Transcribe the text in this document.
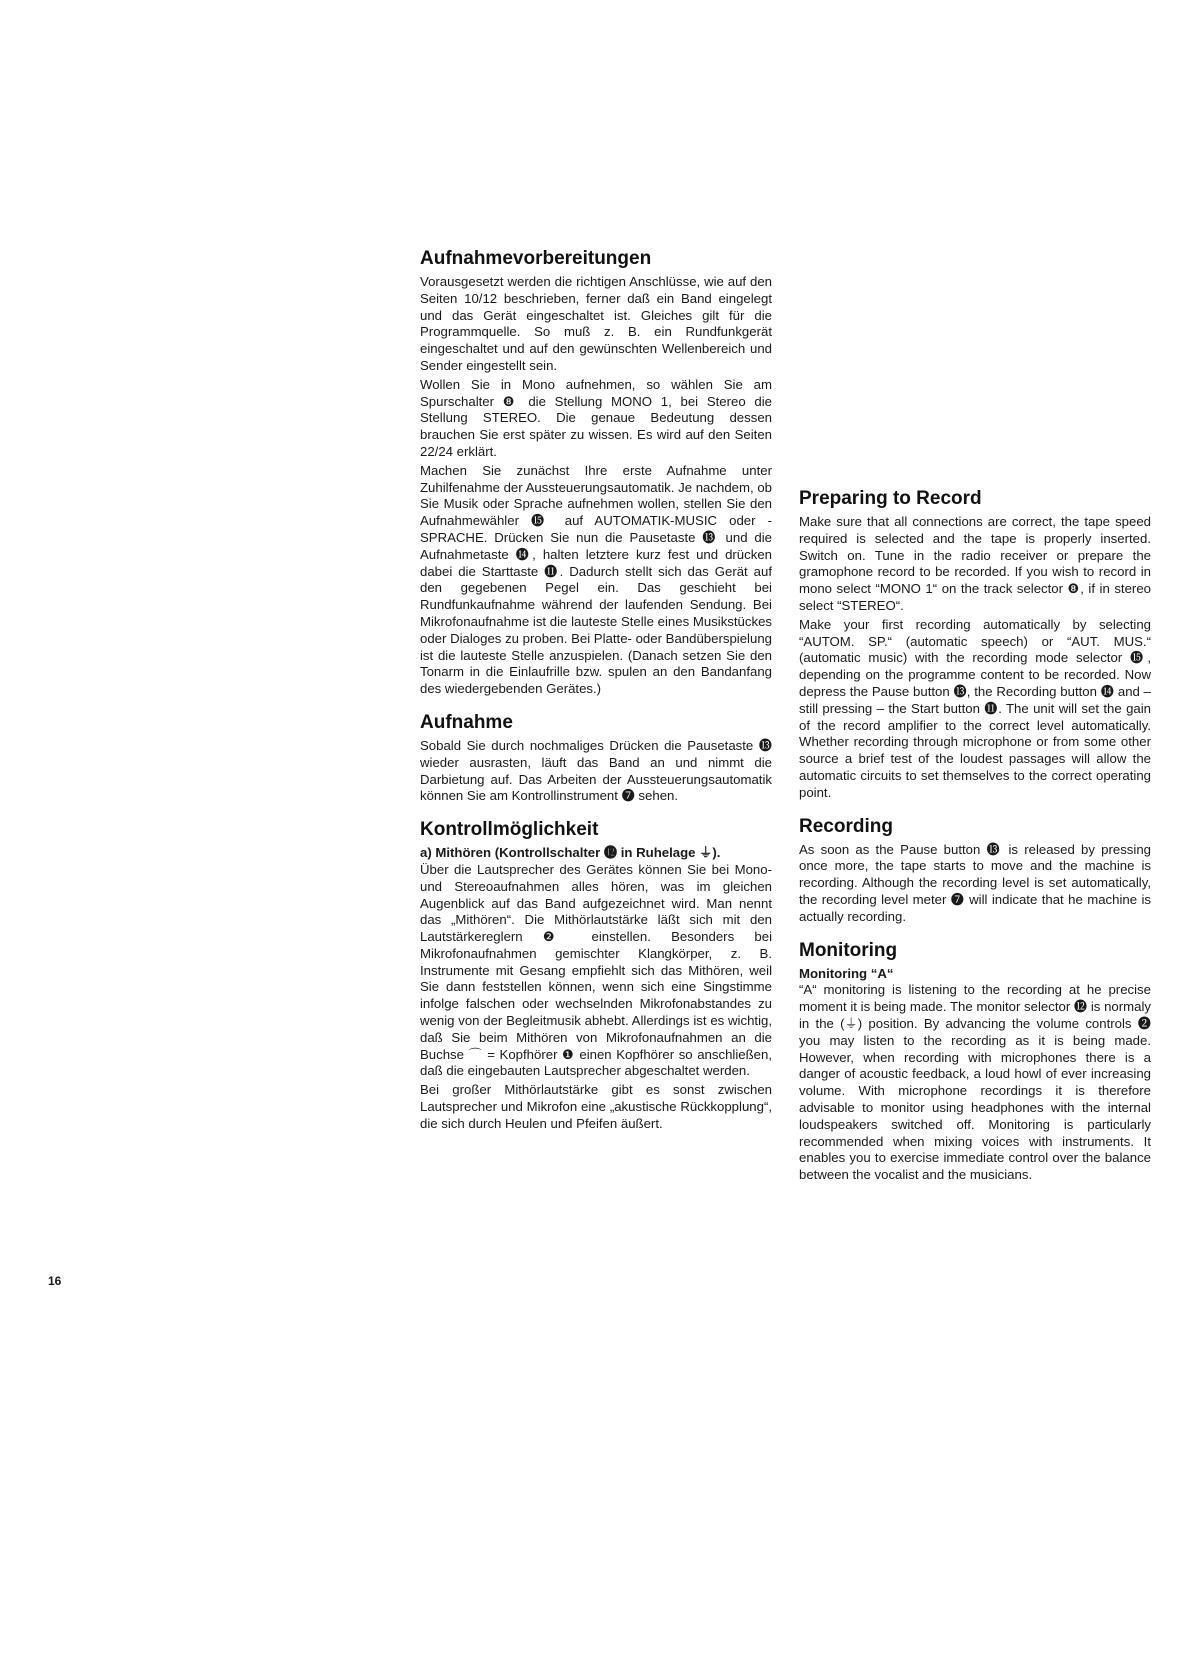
Aufnahmevorbereitungen

Vorausgesetzt werden die richtigen Anschlüsse, wie auf den Seiten 10/12 beschrieben, ferner daß ein Band eingelegt und das Gerät eingeschaltet ist. Gleiches gilt für die Programmquelle. So muß z. B. ein Rundfunkgerät eingeschaltet und auf den gewünschten Wellenbereich und Sender eingestellt sein.

Wollen Sie in Mono aufnehmen, so wählen Sie am Spurschalter ❽ die Stellung MONO 1, bei Stereo die Stellung STEREO. Die genaue Bedeutung dessen brauchen Sie erst später zu wissen. Es wird auf den Seiten 22/24 erklärt.

Machen Sie zunächst Ihre erste Aufnahme unter Zuhilfenahme der Aussteuerungsautomatik. Je nachdem, ob Sie Musik oder Sprache aufnehmen wollen, stellen Sie den Aufnahmewähler ⓯ auf AUTOMATIK-MUSIC oder -SPRACHE. Drücken Sie nun die Pausetaste ⓭ und die Aufnahmetaste ⓮, halten letztere kurz fest und drücken dabei die Starttaste ⓫. Dadurch stellt sich das Gerät auf den gegebenen Pegel ein. Das geschieht bei Rundfunkaufnahme während der laufenden Sendung. Bei Mikrofonaufnahme ist die lauteste Stelle eines Musikstückes oder Dialoges zu proben. Bei Platte- oder Bandüberspielung ist die lauteste Stelle anzuspielen. (Danach setzen Sie den Tonarm in die Einlaufrille bzw. spulen an den Bandanfang des wiedergebenden Gerätes.)

Aufnahme

Sobald Sie durch nochmaliges Drücken die Pausetaste ⓭ wieder ausrasten, läuft das Band an und nimmt die Darbietung auf. Das Arbeiten der Aussteuerungsautomatik können Sie am Kontrollinstrument ❼ sehen.

Kontrollmöglichkeit

a) Mithören (Kontrollschalter ⓬ in Ruhelage ⏚).

Über die Lautsprecher des Gerätes können Sie bei Mono- und Stereoaufnahmen alles hören, was im gleichen Augenblick auf das Band aufgezeichnet wird. Man nennt das „Mithören“. Die Mithörlautstärke läßt sich mit den Lautstärkereglern ❷ einstellen. Besonders bei Mikrofonaufnahmen gemischter Klangkörper, z. B. Instrumente mit Gesang empfiehlt sich das Mithören, weil Sie dann feststellen können, wenn sich eine Singstimme infolge falschen oder wechselnden Mikrofonabstandes zu wenig von der Begleitmusik abhebt. Allerdings ist es wichtig, daß Sie beim Mithören von Mikrofonaufnahmen an die Buchse ⌒ = Kopfhörer ❶ einen Kopfhörer so anschließen, daß die eingebauten Lautsprecher abgeschaltet werden.

Bei großer Mithörlautstärke gibt es sonst zwischen Lautsprecher und Mikrofon eine „akustische Rückkopplung“, die sich durch Heulen und Pfeifen äußert.

Preparing to Record

Make sure that all connections are correct, the tape speed required is selected and the tape is properly inserted. Switch on. Tune in the radio receiver or prepare the gramophone record to be recorded. If you wish to record in mono select “MONO 1“ on the track selector ❽, if in stereo select “STEREO“.

Make your first recording automatically by selecting “AUTOM. SP.“ (automatic speech) or “AUT. MUS.“ (automatic music) with the recording mode selector ⓯, depending on the programme content to be recorded. Now depress the Pause button ⓭, the Recording button ⓮ and – still pressing – the Start button ⓫. The unit will set the gain of the record amplifier to the correct level automatically. Whether recording through microphone or from some other source a brief test of the loudest passages will allow the automatic circuits to set themselves to the correct operating point.

Recording

As soon as the Pause button ⓭ is released by pressing once more, the tape starts to move and the machine is recording. Although the recording level is set automatically, the recording level meter ❼ will indicate that he machine is actually recording.

Monitoring

Monitoring “A“

“A“ monitoring is listening to the recording at he precise moment it is being made. The monitor selector ⓬ is normaly in the (⏚) position. By advancing the volume controls ❷ you may listen to the recording as it is being made. However, when recording with microphones there is a danger of acoustic feedback, a loud howl of ever increasing volume. With microphone recordings it is therefore advisable to monitor using headphones with the internal loudspeakers switched off. Monitoring is particularly recommended when mixing voices with instruments. It enables you to exercise immediate control over the balance between the vocalist and the musicians.

16
